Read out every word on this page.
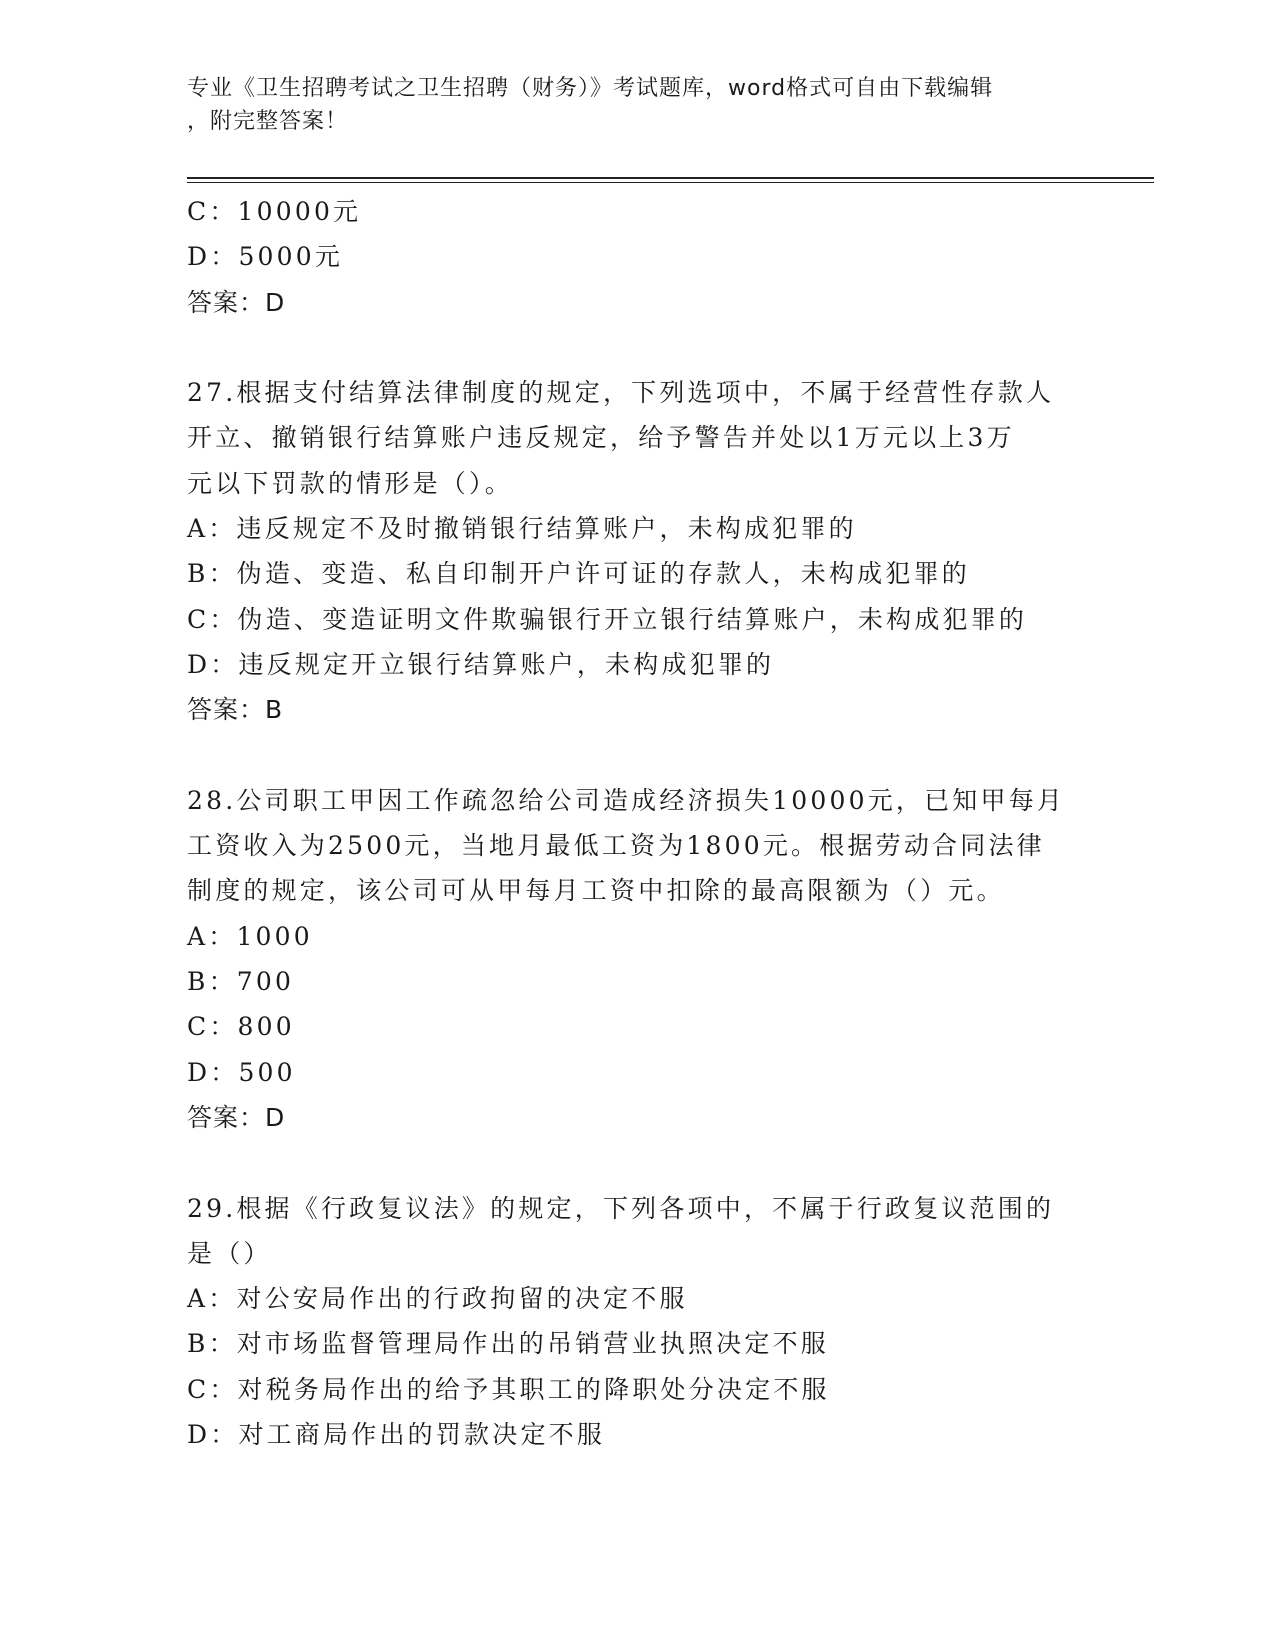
专业《卫生招聘考试之卫生招聘（财务）》考试题库，word格式可自由下载编辑
，附完整答案！
C：10000元
D：5000元
答案：D
27.根据支付结算法律制度的规定，下列选项中，不属于经营性存款人
开立、撤销银行结算账户违反规定，给予警告并处以1万元以上3万
元以下罚款的情形是（）。
A：违反规定不及时撤销银行结算账户，未构成犯罪的
B：伪造、变造、私自印制开户许可证的存款人，未构成犯罪的
C：伪造、变造证明文件欺骗银行开立银行结算账户，未构成犯罪的
D：违反规定开立银行结算账户，未构成犯罪的
答案：B
28.公司职工甲因工作疏忽给公司造成经济损失10000元，已知甲每月
工资收入为2500元，当地月最低工资为1800元。根据劳动合同法律
制度的规定，该公司可从甲每月工资中扣除的最高限额为（）元。
A：1000
B：700
C：800
D：500
答案：D
29.根据《行政复议法》的规定，下列各项中，不属于行政复议范围的
是（）
A：对公安局作出的行政拘留的决定不服
B：对市场监督管理局作出的吊销营业执照决定不服
C：对税务局作出的给予其职工的降职处分决定不服
D：对工商局作出的罚款决定不服
